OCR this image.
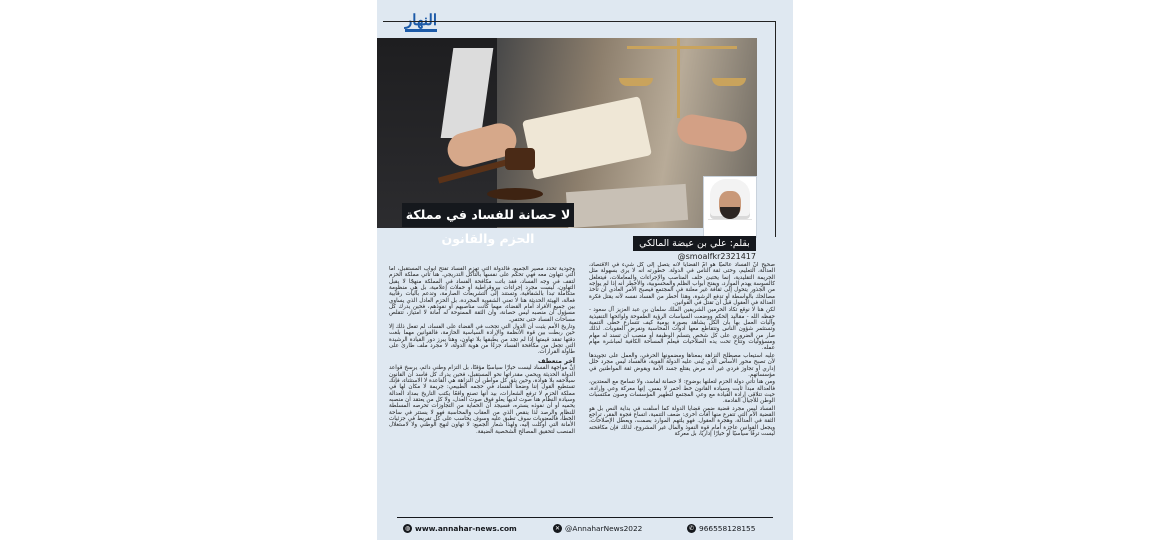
النهار
لا حصانة للفساد في مملكة الحزم والقانون	بقلم: علي بن عيضة المالكي
@smoalfkr2321417

صحيح أنَّ الفساد عالميًا هو أمُّ القضايا لأنه يتصل إلى كل شيء في الاقتصاد، العدالة، التعليم، وحتى ثقة الناس في الدولة. خطورته أنه لا يرى بسهولة مثل الجريمة التقليدية، إنما يختبئ خلف المناصب والإجراءات والمعاملات، فيتغلغل كالسوسة يهدم الموارد، ويفتح أبواب الظلم والمحسوبية، والأخطر أنه إذا لم يواجه من الجذور يتحول إلى ثقافة غير معلنة في المجتمع فيصبح الأمر العادي أن تأخذ مصالحك بالواسطة أو تدفع الرشوة، وهذا أخطر من الفساد نفسه لأنه يقتل فكرة العدالة في العقول قبل أن تقتل في القوانين.

لكن هنا لا نوقع تكاد الحرمين الشريفين الملك سلمان بن عبد العزيز آل سعود - حفظه الله - مقاليد الحكم ووضعت السياسات الرؤية الطموحة ولوائحها التنفيذية وآليات العمل بها بأن الكل يشاهد بصورة يومية كيف تتسارع خطى التنمية وتستثمر شؤون الناس وتتقاطع معها أدوات المحاسبة ونفرض العقوبات. لذلك صار من الضروري على كل شخص يتسلم الوظيفة أو منصب أن تسند له مهام ومسؤوليات وتتاح تحت يده الصلاحيات فيعلم المساحة الكافية لمباشرة مهام عمله.

عليه استيعاب مصطلح النزاهة بمعناها ومضمونها الحرفي، والعمل على تجويدها لأن تصبح محور الأساس الذي يُبنى عليه الدولة القوية، فالفساد ليس مجرد خلل إداري أو تجاوز فردي غير أنه مرض يقتلع جسد الأمة ويقوض ثقة المواطنين في مؤسساتهم.

ومن هنا تأتي دولة الحزم لتعلنها بوضوح: لا حصانة لفاسد، ولا تسامح مع المعتدين، فالعدالة مبدأ ثابت وسيادة القانون خط أحمر لا يمس. إنها معركة وعي وإرادة، حيث تتلاقى إرادة القيادة مع وعي المجتمع لتطهير المؤسسات وصون مكتسبات الوطن للأجيال القادمة.

الفساد ليس مجرد قضية ضمن قضايا الدولة كما أسلفت في بداية النص بل هو القضية الأم التي تتفرع منها آفات أخرى: ضعف التنمية، اتساع فجوة الفقر، تراجع الثقة في العدالة، وهجرة العقول. فهو يلتهم الموارد بصمت، ويعطل الإصلاحات، ويجعل القوانين عاجزة أمام قوة النفوذ والمال غير المشروع، لذلك فإن مكافحته ليست ترفًا سياسيًا أو خيارًا إداريًا، بل معركة

وجودية تحدد مصير الجميع، فالدولة التي تهزم الفساد تفتح أبواب المستقبل، أما التي تتهاون معه فهي تحكم على نفسها بالتآكل التدريجي. هنا تأتي مملكة الحزم لتقف في وجه الفساد، فقد باتت مكافحة الفساد في المملكة منهجًا لا يقبل التهاون، ليست مجرد إجراءات بيروقراطية أو حملات إعلامية، بل هي منظومة متكاملة تبدأ بالشفافية، وتستند إلى التشريعات الصارمة، وتدعم بآليات رقابية فعالة، الهيئة الحديثة هنا لا تعني الشفوية المجردة، بل الحزم العادل الذي يساوي بين جميع الأفراد أمام القضاء، مهما كانت مناصبهم أو نفوذهم، فحين يدرك كل مسؤول أن منصبه ليس حصانة، وأن الثقة الممنوحة له أمانة لا امتياز، تتقلص مساحات الفساد حتى تختفي.

وتاريخ الأمم يثبت أن الدول التي تجحت في القضاء على الفساد، لم تفعل ذلك إلا حين ربطت بين قوة الأنظمة والإرادة السياسية الحازمة، فالقوانين مهما بلغت دقتها تفقد قيمتها إذا لم تجد من يطبقها بلا تهاون، وهنا يبرز دور القيادة الرشيدة التي تجعل من مكافحة الفساد جزءًا من هوية الدولة، لا مجرد ملف طارئ على طاولة القرارات.

آخر متعطف

إنَّ مواجهة الفساد ليست خيارًا سياسيًا مؤقتًا، بل التزام وطني دائم، يرسخ قواعد الدولة الحديثة ويحمي مقدراتها نحو المستقبل، فحين يدرك كل فاسد أن القانون سيلاحقه بلا هوادة، وحين يثق كل مواطن أن النزاهة هي القاعدة لا الاستثناء، فإنك تستطيع القول إننا وضعنا الفساد في حجمه الطبيعي: جريمة لا مكان لها في مملكة الحزم لا ترفع الشعارات، بيد أنها تصنع واقعًا يكتب التاريخ بمداد العدالة وسيادة النظام هنا صوت لديها يعلو فوق صوت العدل، ولا كل من يعتقد أن منصبه يحميه أو أن نفوذه يستره، فسيجد أن الحماية من التجاوزات تحرصه المسلطة للنظام والرصد لذا ينقص الذي من العقاب والمحاسبة فهو لا يستتر في ساحة الخطأ، فالمعنويات سوف تطبق عليه وسوف يحاسب على كل تفريط في جزئيات الأمانة التي أوكلت إليه، ولهذا شعار الجميع: لا تهاون لنهج الوطني ولا لاستغلال المنصب لتحقيق المصالح الشخصية الضيقة.

◍ www.annahar-news.com	✕ @AnnaharNews2022	✆ 966558128155
